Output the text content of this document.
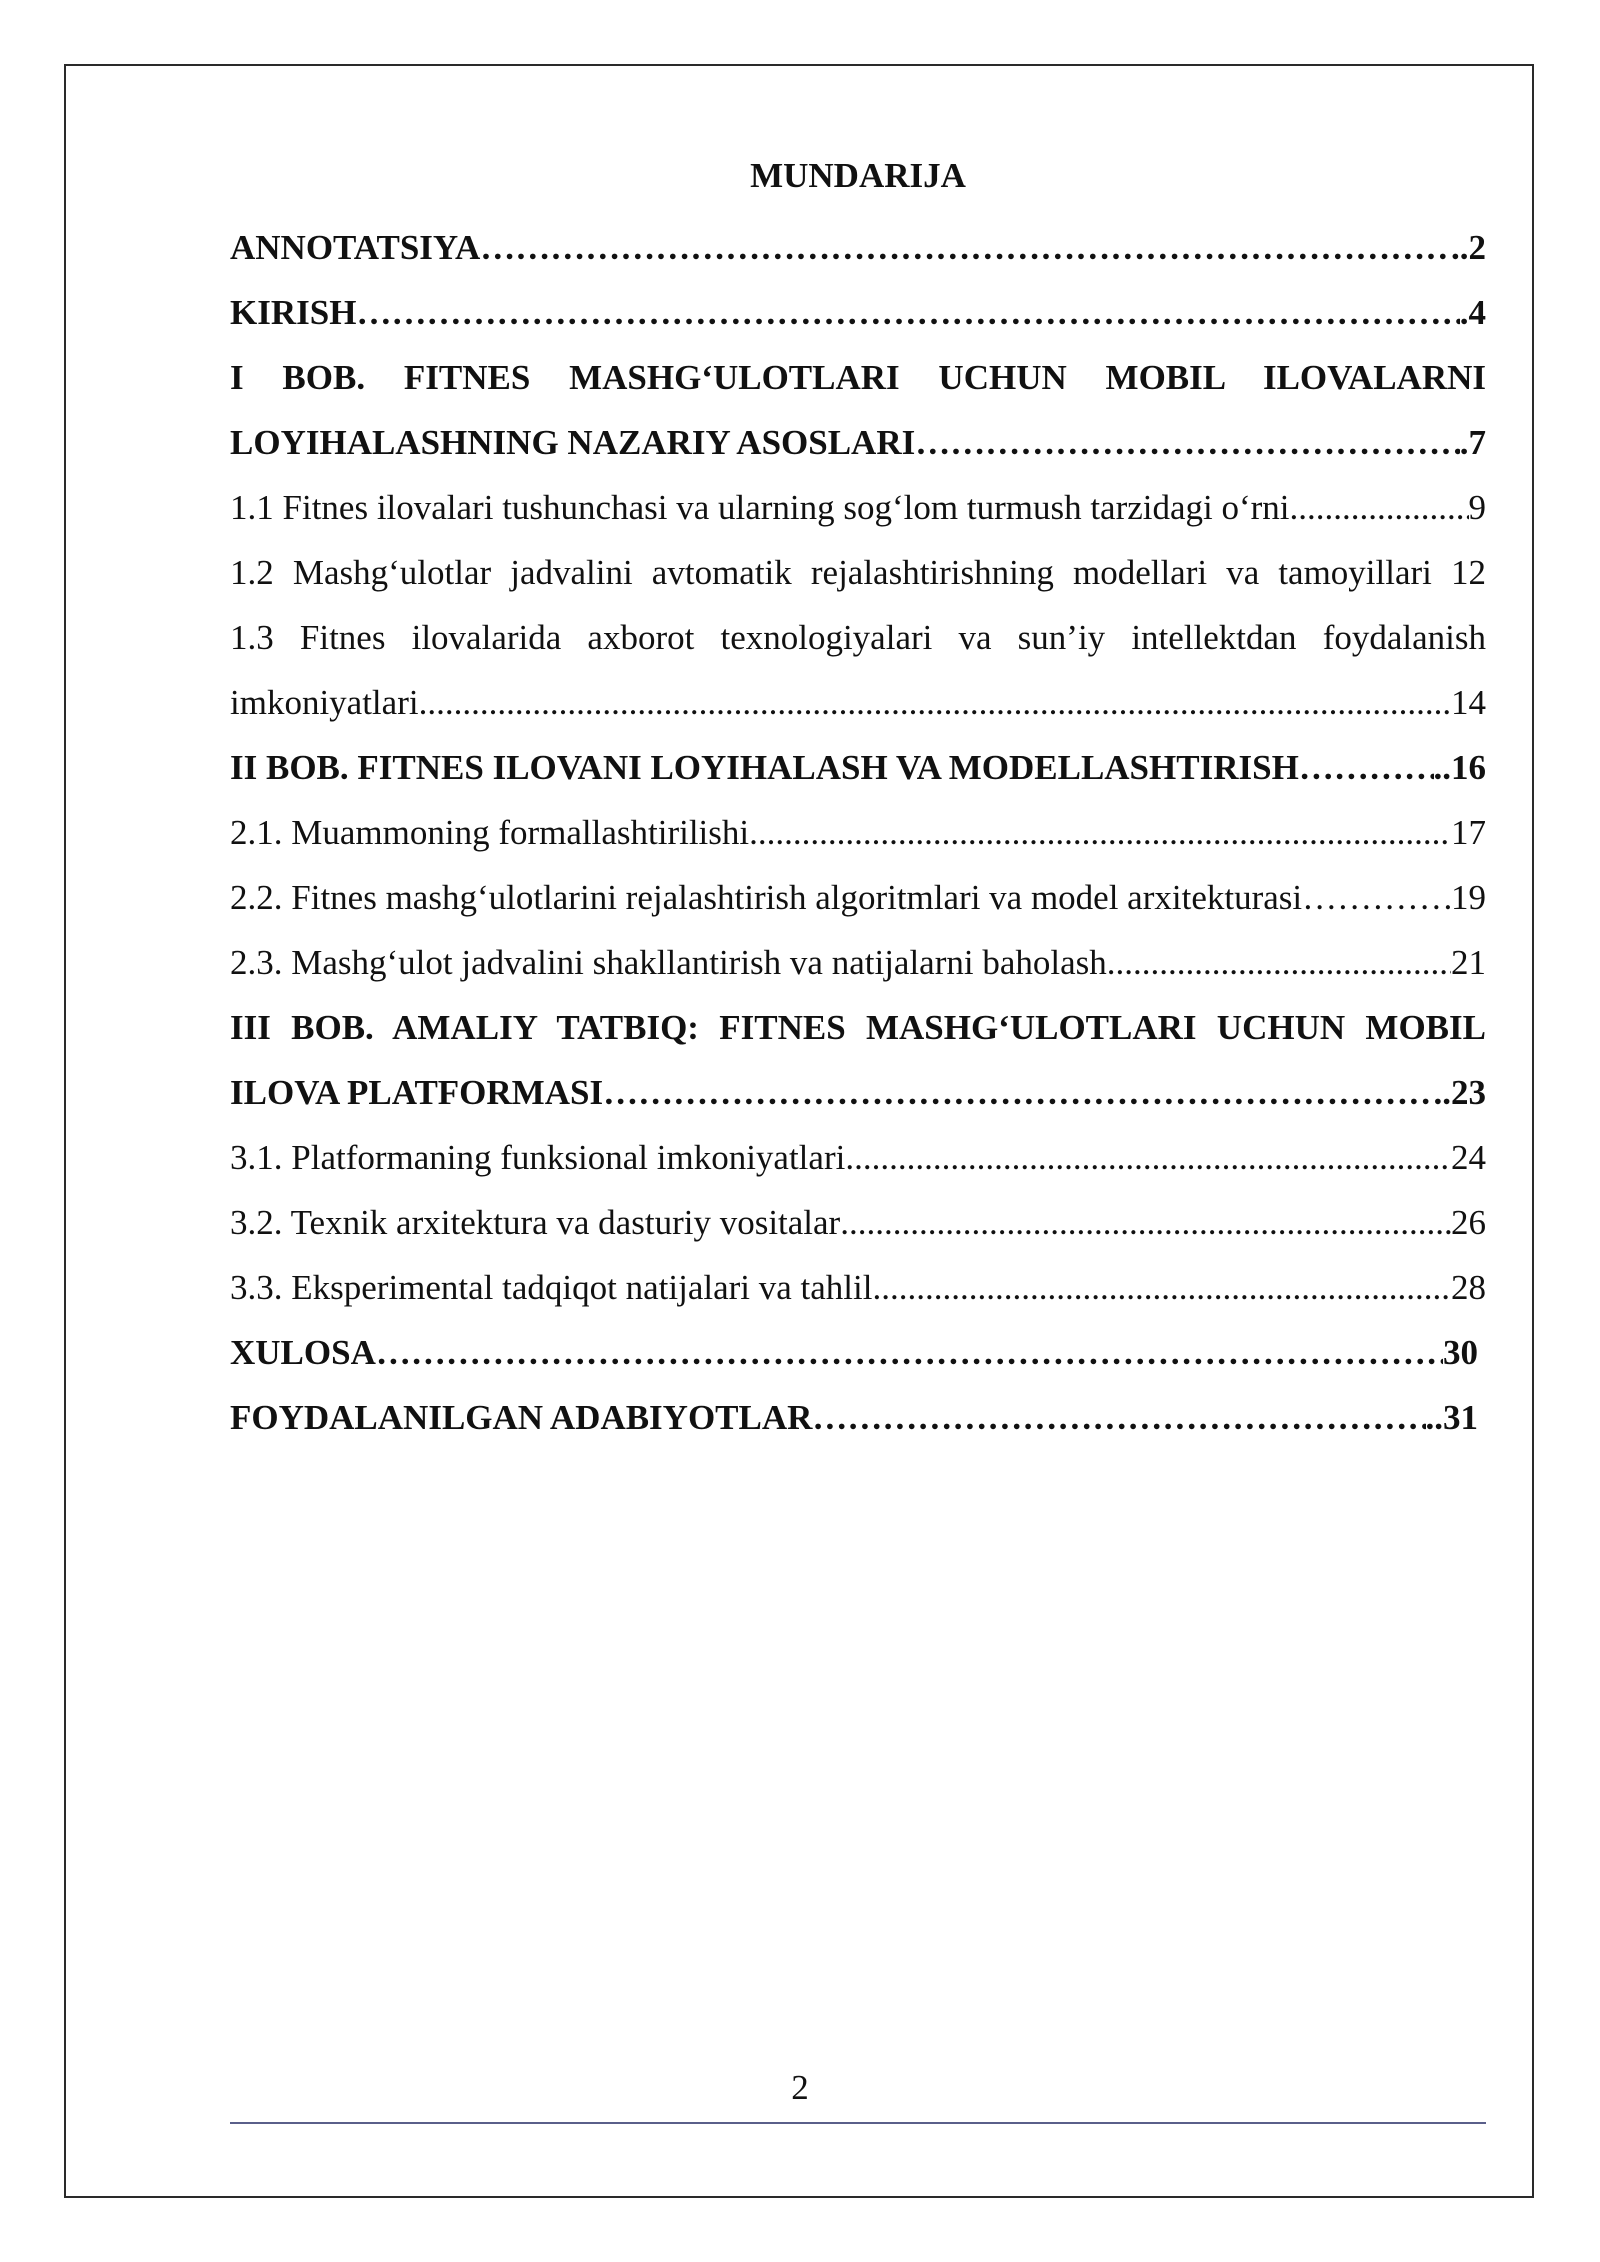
MUNDARIJA
ANNOTATSIYA …………………………………………………………………………………………………………………………………………………………………………………………………………	..2
KIRISH …………………………………………………………………………………………………………………………………………………………………………………………………………	.4
I BOB. FITNES MASHG‘ULOTLARI UCHUN MOBIL ILOVALARNI
LOYIHALASHNING NAZARIY ASOSLARI …………………………………………………………………………………………………………………………………………………………………………………………………………	.7
1.1 Fitnes ilovalari tushunchasi va ularning sog‘lom turmush tarzidagi o‘rni .....	9
1.2 Mashg‘ulotlar jadvalini avtomatik rejalashtirishning modellari va tamoyillari 12
1.3 Fitnes ilovalarida axborot texnologiyalari va sun’iy intellektdan foydalanish
imkoniyatlari .....	14
II BOB. FITNES ILOVANI LOYIHALASH VA MODELLASHTIRISH …………………………………………………………………………………………………………………………………………………………………………………………………………	..16
2.1. Muammoning formallashtirilishi .....	17
2.2. Fitnes mashg‘ulotlarini rejalashtirish algoritmlari va model arxitekturasi …………………………………………………………………………………………………………………………………………………………………………………………………………	19
2.3. Mashg‘ulot jadvalini shakllantirish va natijalarni baholash .....	21
III BOB. AMALIY TATBIQ: FITNES MASHG‘ULOTLARI UCHUN MOBIL
ILOVA PLATFORMASI …………………………………………………………………………………………………………………………………………………………………………………………………………	..23
3.1. Platformaning funksional imkoniyatlari .....	24
3.2. Texnik arxitektura va dasturiy vositalar .....	26
3.3. Eksperimental tadqiqot natijalari va tahlil .....	28
XULOSA …………………………………………………………………………………………………………………………………………………………………………………………………………	30
FOYDALANILGAN ADABIYOTLAR …………………………………………………………………………………………………………………………………………………………………………………………………………	..31
2
